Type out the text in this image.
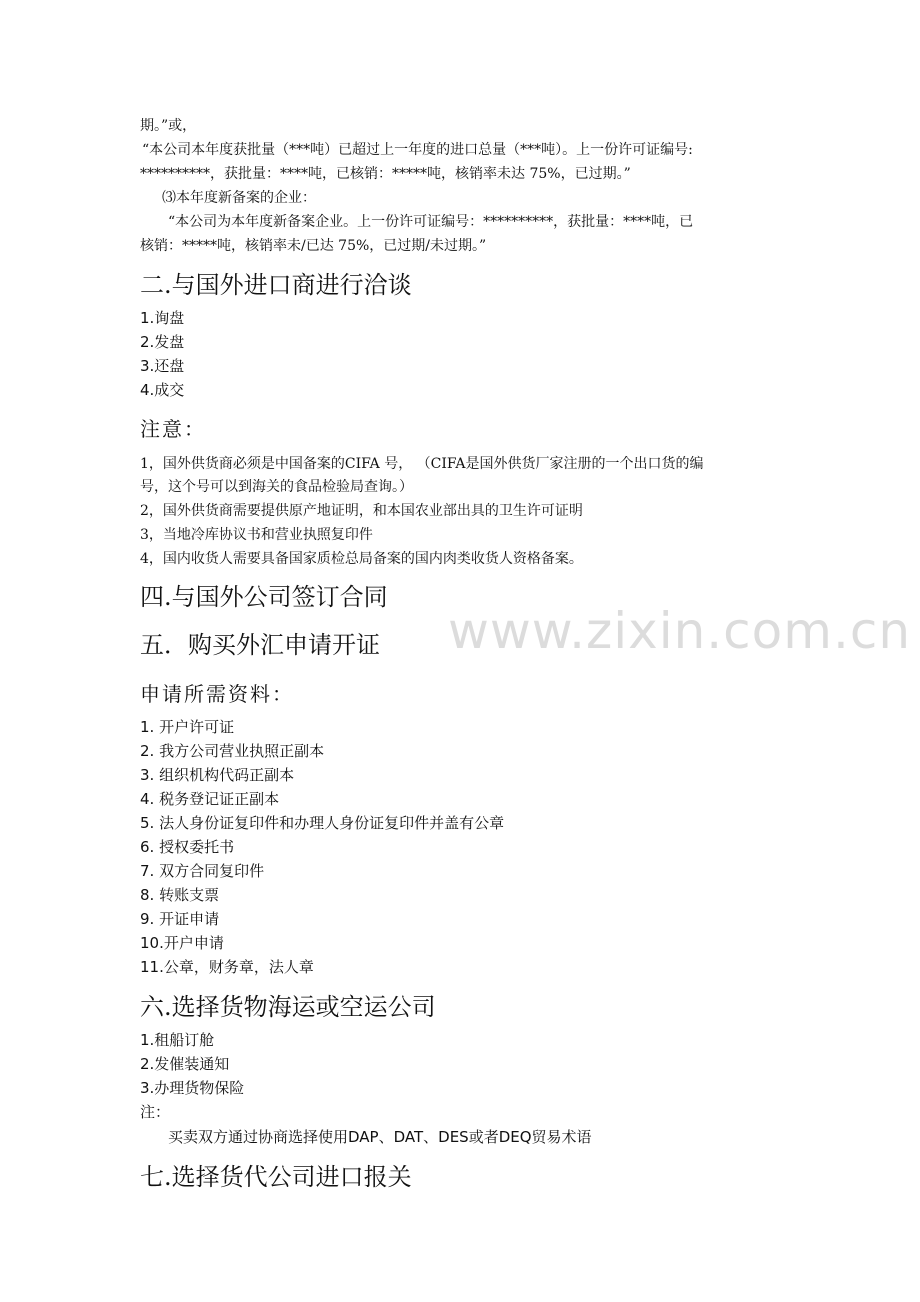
期。”或，
“本公司本年度获批量（***吨）已超过上一年度的进口总量（***吨）。上一份许可证编号:
**********，获批量：****吨，已核销：*****吨，核销率未达 75%，已过期。”
⑶本年度新备案的企业：
“本公司为本年度新备案企业。上一份许可证编号：**********，获批量：****吨，已
核销：*****吨，核销率未/已达 75%，已过期/未过期。”
二.与国外进口商进行洽谈
1.询盘
2.发盘
3.还盘
4.成交
注意：
1，国外供货商必须是中国备案的CIFA 号， （CIFA是国外供货厂家注册的一个出口货的编
号，这个号可以到海关的食品检验局查询。）
2，国外供货商需要提供原产地证明，和本国农业部出具的卫生许可证明
3，当地冷库协议书和营业执照复印件
4，国内收货人需要具备国家质检总局备案的国内肉类收货人资格备案。
四.与国外公司签订合同
www.zixin.com.cn
五．购买外汇申请开证
申请所需资料：
1. 开户许可证
2. 我方公司营业执照正副本
3. 组织机构代码正副本
4. 税务登记证正副本
5. 法人身份证复印件和办理人身份证复印件并盖有公章
6. 授权委托书
7. 双方合同复印件
8. 转账支票
9. 开证申请
10.开户申请
11.公章，财务章，法人章
六.选择货物海运或空运公司
1.租船订舱
2.发催装通知
3.办理货物保险
注：
买卖双方通过协商选择使用DAP、DAT、DES或者DEQ贸易术语
七.选择货代公司进口报关
